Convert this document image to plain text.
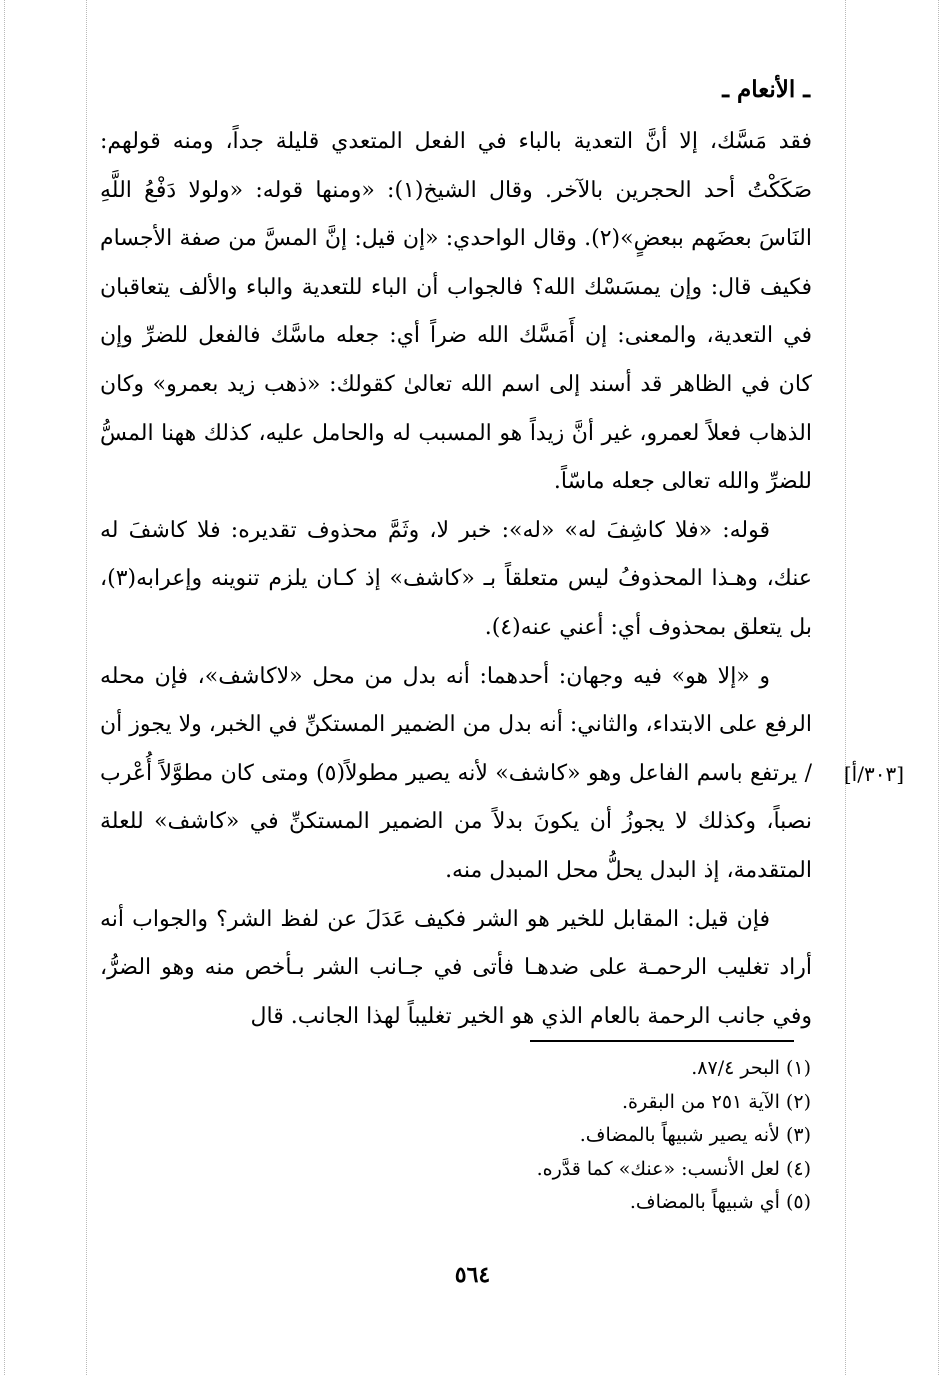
ـ الأنعام ـ

فقد مَسَّك، إلا أنَّ التعدية بالباء في الفعل المتعدي قليلة جداً، ومنه قولهم: صَكَكْتُ أحد الحجرين بالآخر. وقال الشيخ(١): «ومنها قوله: «ولولا دَفْعُ اللَّهِ النَاسَ بعضَهم ببعضٍ»(٢). وقال الواحدي: «إن قيل: إنَّ المسَّ من صفة الأجسام فكيف قال: وإن يمسَسْك الله؟ فالجواب أن الباء للتعدية والباء والألف يتعاقبان في التعدية، والمعنى: إن أَمَسَّك الله ضراً أي: جعله ماسَّك فالفعل للضرِّ وإن كان في الظاهر قد أسند إلى اسم الله تعالىٰ كقولك: «ذهب زيد بعمرو» وكان الذهاب فعلاً لعمرو، غير أنَّ زيداً هو المسبب له والحامل عليه، كذلك ههنا المسُّ للضرِّ والله تعالى جعله ماسّاً.

قوله: «فلا كاشِفَ له» «له»: خبر لا، وثَمَّ محذوف تقديره: فلا كاشفَ له عنك، وهـذا المحذوفُ ليس متعلقاً بـ «كاشف» إذ كـان يلزم تنوينه وإعرابه(٣)، بل يتعلق بمحذوف أي: أعني عنه(٤).

[٣٠٣/أ]

و «إلا هو» فيه وجهان: أحدهما: أنه بدل من محل «لاكاشف»، فإن محله الرفع على الابتداء، والثاني: أنه بدل من الضمير المستكنِّ في الخبر، ولا يجوز أن / يرتفع باسم الفاعل وهو «كاشف» لأنه يصير مطولاً(٥) ومتى كان مطوَّلاً أُعْرب نصباً، وكذلك لا يجوزُ أن يكونَ بدلاً من الضمير المستكنِّ في «كاشف» للعلة المتقدمة، إذ البدل يحلُّ محل المبدل منه.

فإن قيل: المقابل للخير هو الشر فكيف عَدَلَ عن لفظ الشر؟ والجواب أنه أراد تغليب الرحمـة على ضدهـا فأتى في جـانب الشر بـأخص منه وهو الضرُّ، وفي جانب الرحمة بالعام الذي هو الخير تغليباً لهذا الجانب. قال

(١) البحر ٨٧/٤.
(٢) الآية ٢٥١ من البقرة.
(٣) لأنه يصير شبيهاً بالمضاف.
(٤) لعل الأنسب: «عنك» كما قدَّره.
(٥) أي شبيهاً بالمضاف.
٥٦٤
